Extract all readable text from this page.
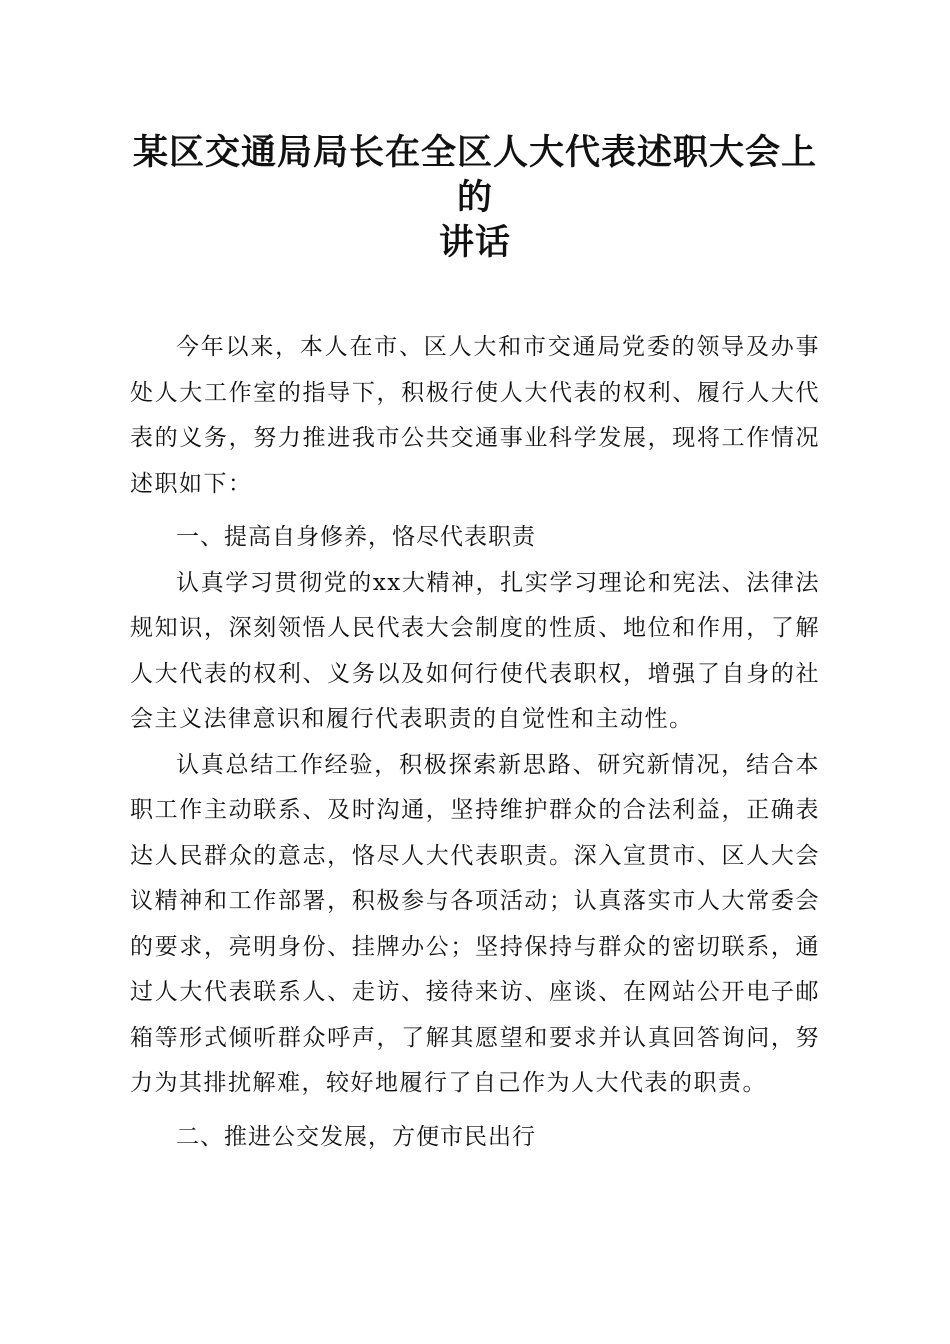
某区交通局局长在全区人大代表述职大会上的
讲话

今年以来，本人在市、区人大和市交通局党委的领导及办事处人大工作室的指导下，积极行使人大代表的权利、履行人大代表的义务，努力推进我市公共交通事业科学发展，现将工作情况述职如下：

一、提高自身修养，恪尽代表职责

认真学习贯彻党的xx大精神，扎实学习理论和宪法、法律法规知识，深刻领悟人民代表大会制度的性质、地位和作用，了解人大代表的权利、义务以及如何行使代表职权，增强了自身的社会主义法律意识和履行代表职责的自觉性和主动性。

认真总结工作经验，积极探索新思路、研究新情况，结合本职工作主动联系、及时沟通，坚持维护群众的合法利益，正确表达人民群众的意志，恪尽人大代表职责。深入宣贯市、区人大会议精神和工作部署，积极参与各项活动；认真落实市人大常委会的要求，亮明身份、挂牌办公；坚持保持与群众的密切联系，通过人大代表联系人、走访、接待来访、座谈、在网站公开电子邮箱等形式倾听群众呼声，了解其愿望和要求并认真回答询问，努力为其排扰解难，较好地履行了自己作为人大代表的职责。

二、推进公交发展，方便市民出行
